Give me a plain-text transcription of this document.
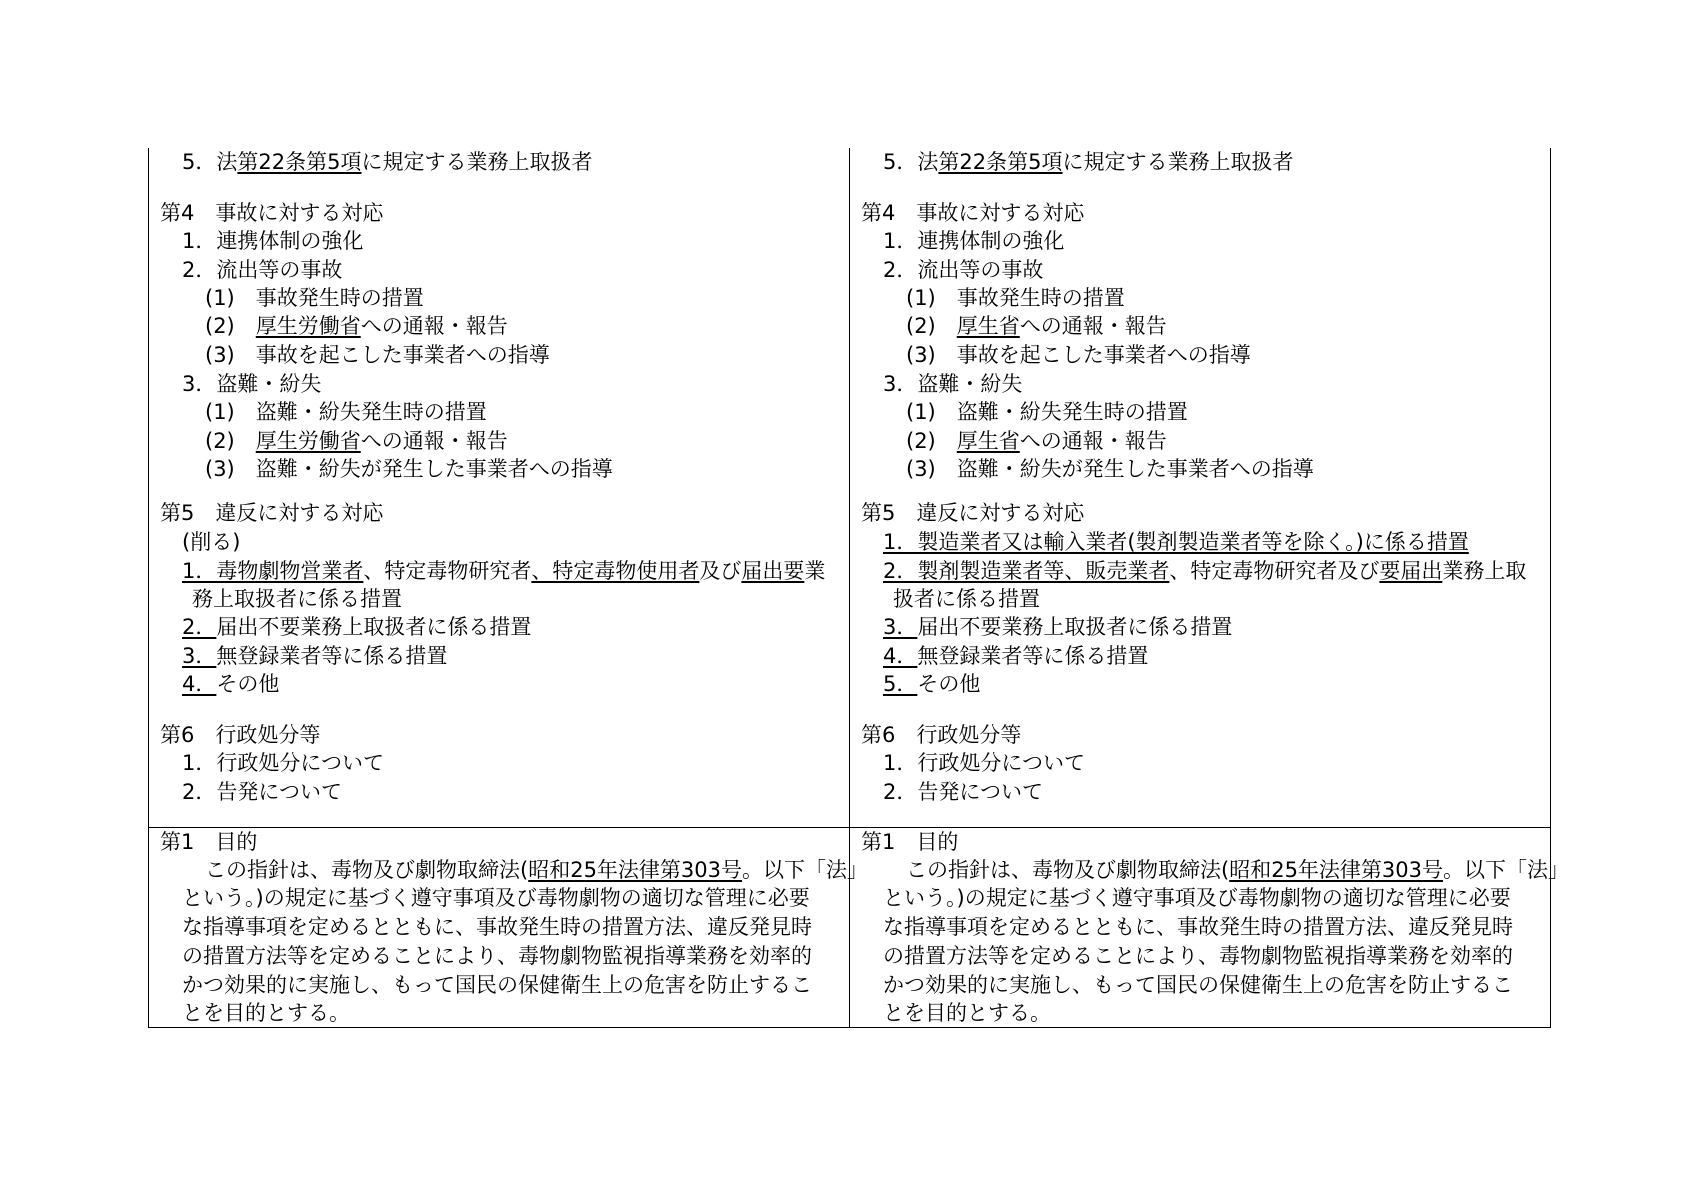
5．法第22条第5項に規定する業務上取扱者
第4　事故に対する対応
1．連携体制の強化
2．流出等の事故
(1)　事故発生時の措置
(2)　厚生労働省への通報・報告
(3)　事故を起こした事業者への指導
3．盗難・紛失
(1)　盗難・紛失発生時の措置
(2)　厚生労働省への通報・報告
(3)　盗難・紛失が発生した事業者への指導
第5　違反に対する対応
(削る)
1．毒物劇物営業者、特定毒物研究者、特定毒物使用者及び届出要業
務上取扱者に係る措置
2．届出不要業務上取扱者に係る措置
3．無登録業者等に係る措置
4．その他
第6　行政処分等
1．行政処分について
2．告発について
第1　目的
この指針は、毒物及び劇物取締法(昭和25年法律第303号。以下「法」
という。)の規定に基づく遵守事項及び毒物劇物の適切な管理に必要
な指導事項を定めるとともに、事故発生時の措置方法、違反発見時
の措置方法等を定めることにより、毒物劇物監視指導業務を効率的
かつ効果的に実施し、もって国民の保健衛生上の危害を防止するこ
とを目的とする。
5．法第22条第5項に規定する業務上取扱者
第4　事故に対する対応
1．連携体制の強化
2．流出等の事故
(1)　事故発生時の措置
(2)　厚生省への通報・報告
(3)　事故を起こした事業者への指導
3．盗難・紛失
(1)　盗難・紛失発生時の措置
(2)　厚生省への通報・報告
(3)　盗難・紛失が発生した事業者への指導
第5　違反に対する対応
1．製造業者又は輸入業者(製剤製造業者等を除く。)に係る措置
2．製剤製造業者等、販売業者、特定毒物研究者及び要届出業務上取
扱者に係る措置
3．届出不要業務上取扱者に係る措置
4．無登録業者等に係る措置
5．その他
第6　行政処分等
1．行政処分について
2．告発について
第1　目的
この指針は、毒物及び劇物取締法(昭和25年法律第303号。以下「法」
という。)の規定に基づく遵守事項及び毒物劇物の適切な管理に必要
な指導事項を定めるとともに、事故発生時の措置方法、違反発見時
の措置方法等を定めることにより、毒物劇物監視指導業務を効率的
かつ効果的に実施し、もって国民の保健衛生上の危害を防止するこ
とを目的とする。
